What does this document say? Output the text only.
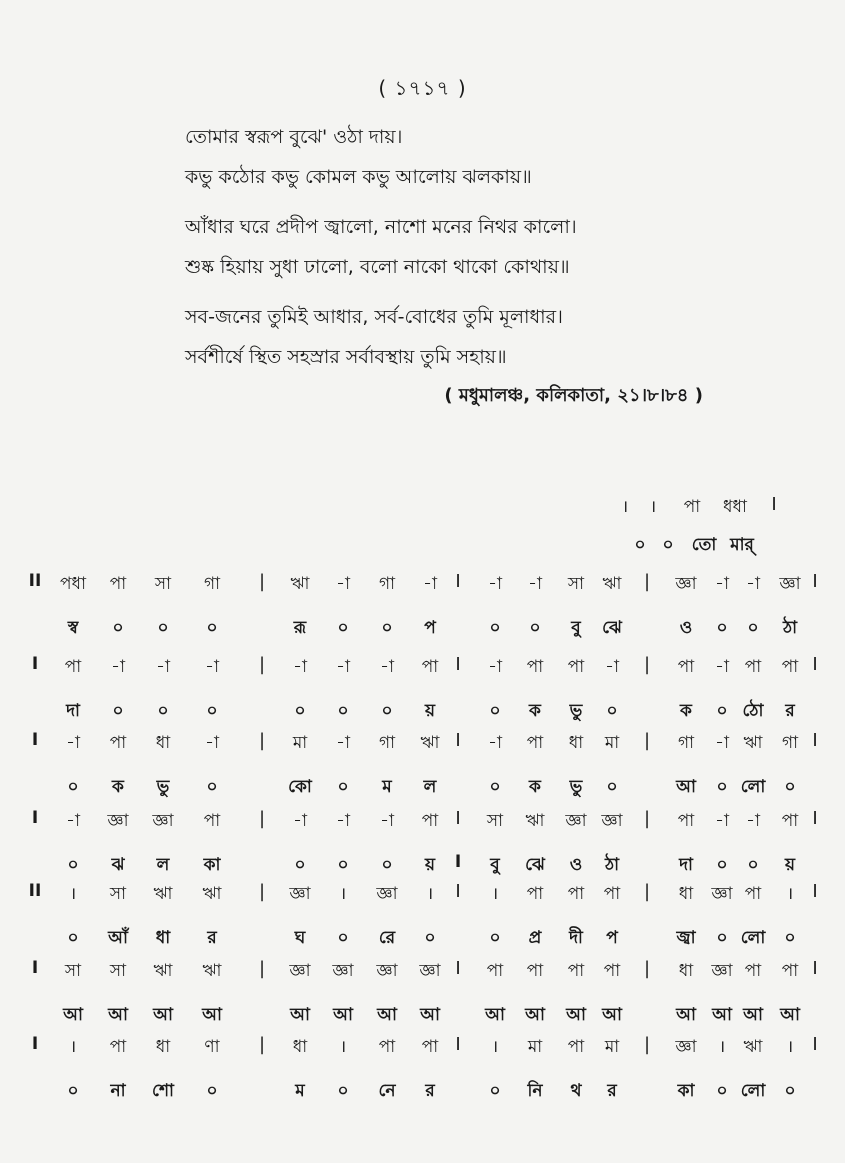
( ১৭১৭ )
তোমার স্বরূপ বুঝে' ওঠা দায়।
কভু কঠোর কভু কোমল কভু আলোয় ঝলকায়॥
আঁধার ঘরে প্রদীপ জ্বালো, নাশো মনের নিথর কালো।
শুষ্ক হিয়ায় সুধা ঢালো, বলো নাকো থাকো কোথায়॥
সব-জনের তুমিই আধার, সর্ব-বোধের তুমি মূলাধার।
সর্বশীর্ষে স্থিত সহস্রার সর্বাবস্থায় তুমি সহায়॥
( মধুমালঞ্চ, কলিকাতা, ২১।৮।৮৪ )
। । পা ধধা I
০ ০ তো মার্
II পধা পা সা গা | ঋা -া গা -া I -া -া সা ঋা | জ্ঞা -া -া জ্ঞা I
স্ব ০ ০ ০	রূ ০ ০ প	০ ০ বু ঝে	ও ০ ০ ঠা
I পা -া -া -া | -া -া -া পা I -া পা পা -া | পা -া পা পা I
দা ০ ০ ০	০ ০ ০ য়	০ ক ভু ০	ক ০ ঠো র
I -া পা ধা -া | মা -া গা ঋা I -া পা ধা মা | গা -া ঋা গা I
০ ক ভু ০	কো ০ ম ল	০ ক ভু ০	আ ০ লো ০
I -া জ্ঞা জ্ঞা পা | -া -া -া পা I সা ঋা জ্ঞা জ্ঞা | পা -া -া পা I
০ ঝ ল কা	০ ০ ০ য় I বু ঝে ও ঠা	দা ০ ০ য়
II । সা ঋা ঋা | জ্ঞা । জ্ঞা । I । পা পা পা | ধা জ্ঞা পা । I
০ আঁ ধা র	ঘ ০ রে ০	০ প্র দী প	জ্বা ০ লো ০
I সা সা ঋা ঋা | জ্ঞা জ্ঞা জ্ঞা জ্ঞা I পা পা পা পা | ধা জ্ঞা পা পা I
আ আ আ আ	আ আ আ আ	আ আ আ আ	আ আ আ আ
I । পা ধা ণা | ধা । পা পা I । মা পা মা | জ্ঞা । ঋা । I
০ না শো ০	ম ০ নে র	০ নি থ র	কা ০ লো ০
